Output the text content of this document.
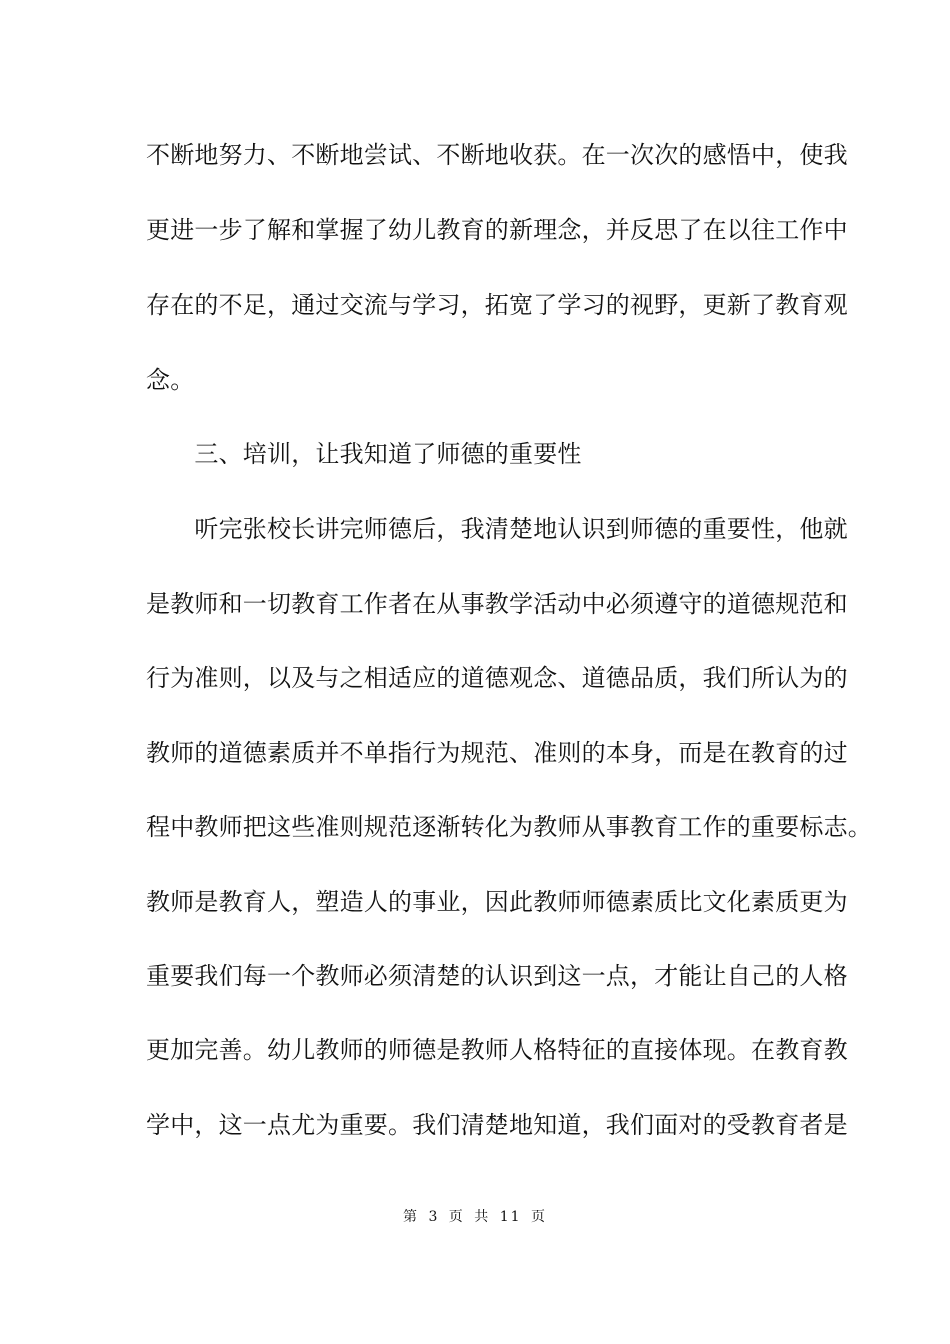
不断地努力、不断地尝试、不断地收获。在一次次的感悟中，使我

更进一步了解和掌握了幼儿教育的新理念，并反思了在以往工作中

存在的不足，通过交流与学习，拓宽了学习的视野，更新了教育观

念。

　　三、培训，让我知道了师德的重要性

　　听完张校长讲完师德后，我清楚地认识到师德的重要性，他就

是教师和一切教育工作者在从事教学活动中必须遵守的道德规范和

行为准则，以及与之相适应的道德观念、道德品质，我们所认为的

教师的道德素质并不单指行为规范、准则的本身，而是在教育的过

程中教师把这些准则规范逐渐转化为教师从事教育工作的重要标志。

教师是教育人，塑造人的事业，因此教师师德素质比文化素质更为

重要我们每一个教师必须清楚的认识到这一点，才能让自己的人格

更加完善。幼儿教师的师德是教师人格特征的直接体现。在教育教

学中，这一点尤为重要。我们清楚地知道，我们面对的受教育者是

第 3 页 共 11 页
